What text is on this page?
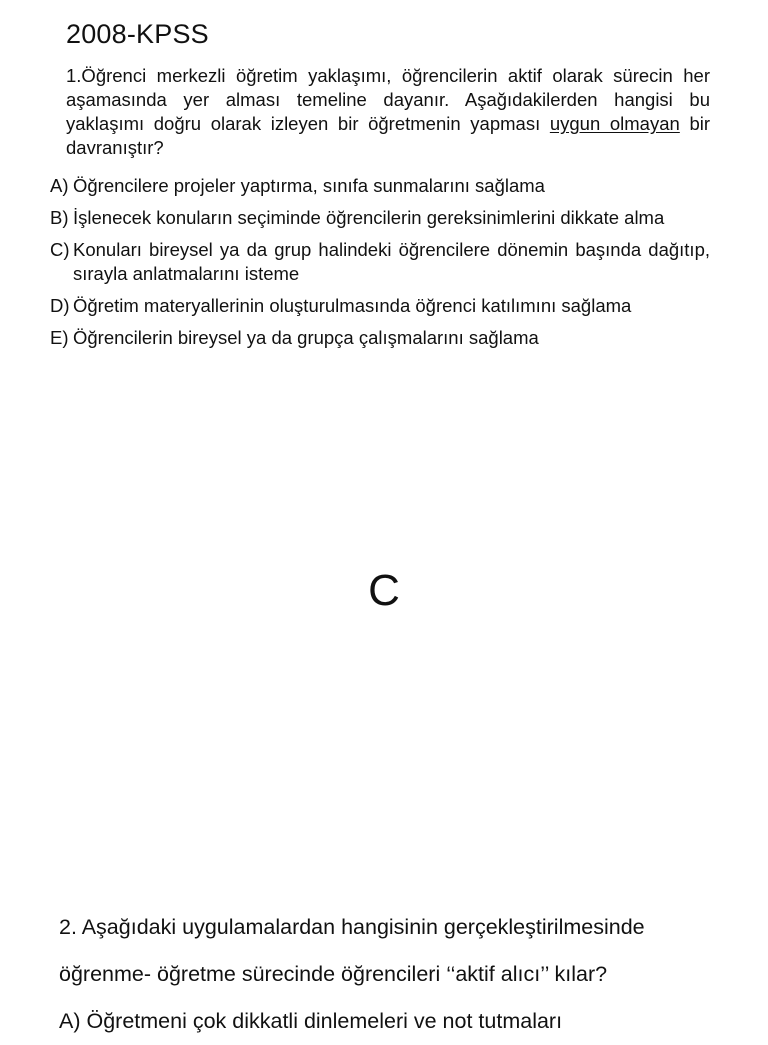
2008-KPSS
1.Öğrenci merkezli öğretim yaklaşımı, öğrencilerin aktif olarak sürecin her aşamasında yer alması temeline dayanır. Aşağıdakilerden hangisi bu yaklaşımı doğru olarak izleyen bir öğretmenin yapması uygun olmayan bir davranıştır?
A) Öğrencilere projeler yaptırma, sınıfa sunmalarını sağlama
B) İşlenecek konuların seçiminde öğrencilerin gereksinimlerini dikkate alma
C) Konuları bireysel ya da grup halindeki öğrencilere dönemin başında dağıtıp, sırayla anlatmalarını isteme
D) Öğretim materyallerinin oluşturulmasında öğrenci katılımını sağlama
E) Öğrencilerin bireysel ya da grupça çalışmalarını sağlama
C
2. Aşağıdaki uygulamalardan hangisinin gerçekleştirilmesinde
öğrenme- öğretme sürecinde öğrencileri ‘‘aktif alıcı’’ kılar?
A) Öğretmeni çok dikkatli dinlemeleri ve not tutmaları
